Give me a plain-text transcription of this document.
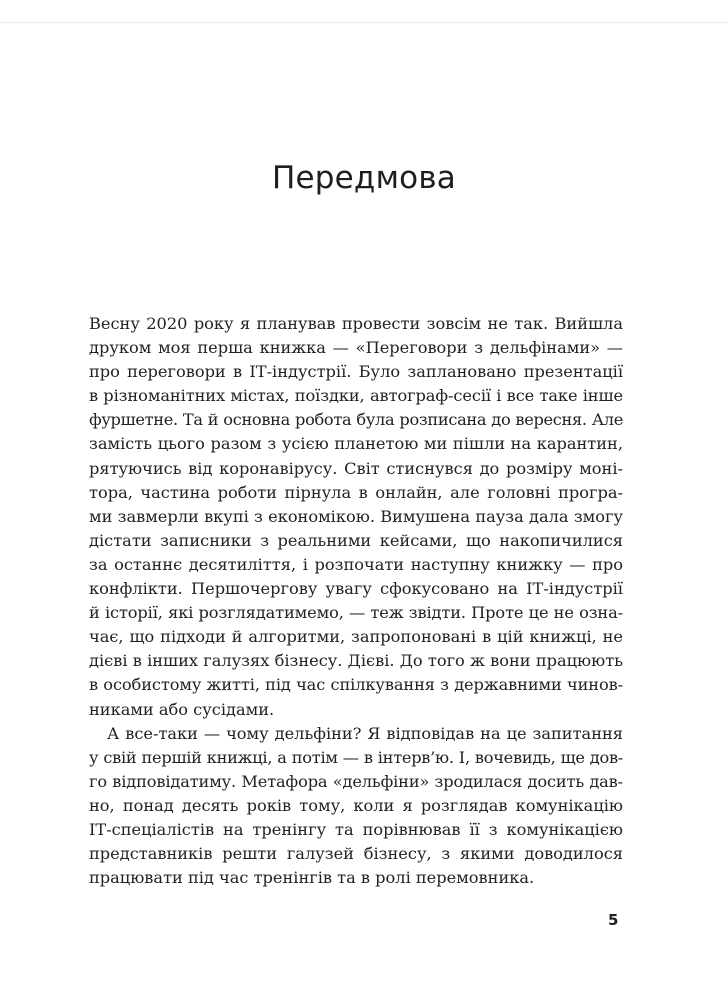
Передмова

Весну 2020 року я планував провести зовсім не так. Вийшла
друком моя перша книжка — «Переговори з дельфінами» —
про переговори в ІТ-індустрії. Було заплановано презентації
в різноманітних містах, поїздки, автограф-сесії і все таке інше
фуршетне. Та й основна робота була розписана до вересня. Але
замість цього разом з усією планетою ми пішли на карантин,
рятуючись від коронавірусу. Світ стиснувся до розміру моні-
тора, частина роботи пірнула в онлайн, але головні програ-
ми завмерли вкупі з економікою. Вимушена пауза дала змогу
дістати записники з реальними кейсами, що накопичилися
за останнє десятиліття, і розпочати наступну книжку — про
конфлікти. Першочергову увагу сфокусовано на ІТ-індустрії
й історії, які розглядатимемо, — теж звідти. Проте це не озна-
чає, що підходи й алгоритми, запропоновані в цій книжці, не
дієві в інших галузях бізнесу. Дієві. До того ж вони працюють
в особистому житті, під час спілкування з державними чинов-
никами або сусідами.

А все-таки — чому дельфіни? Я відповідав на це запитання
у свій першій книжці, а потім — в інтерв’ю. І, вочевидь, ще дов-
го відповідатиму. Метафора «дельфіни» зродилася досить дав-
но, понад десять років тому, коли я розглядав комунікацію
ІТ-спеціалістів на тренінгу та порівнював її з комунікацією
представників решти галузей бізнесу, з якими доводилося
працювати під час тренінгів та в ролі перемовника.

5
